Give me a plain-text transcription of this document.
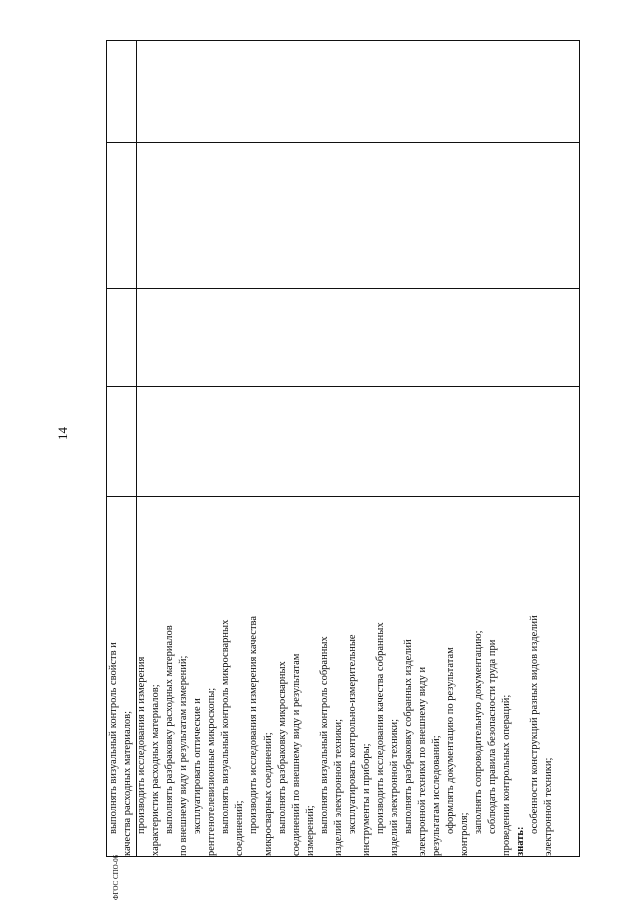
14
выполнять визуальный контроль свойств и качества расходных материалов; производить исследования и измерения характеристик расходных материалов; выполнять разбраковку расходных материалов по внешнему виду и результатам измерений; эксплуатировать оптические и рентгенотелевизионные микроскопы; выполнять визуальный контроль микросварных соединений; производить исследования и измерения качества микросварных соединений; выполнять разбраковку микросварных соединений по внешнему виду и результатам измерений; выполнять визуальный контроль собранных изделий электронной техники; эксплуатировать контрольно-измерительные инструменты и приборы; производить исследования качества собранных изделий электронной техники; выполнять разбраковку собранных изделий электронной техники по внешнему виду и результатам исследований; оформлять документацию по результатам
контроля;
заполнять сопроводительную документацию; соблюдать правила безопасности труда при проведении контрольных операций; знать:
особенности конструкций разных видов изделий электронной техники;
ФГОС СПО-06
